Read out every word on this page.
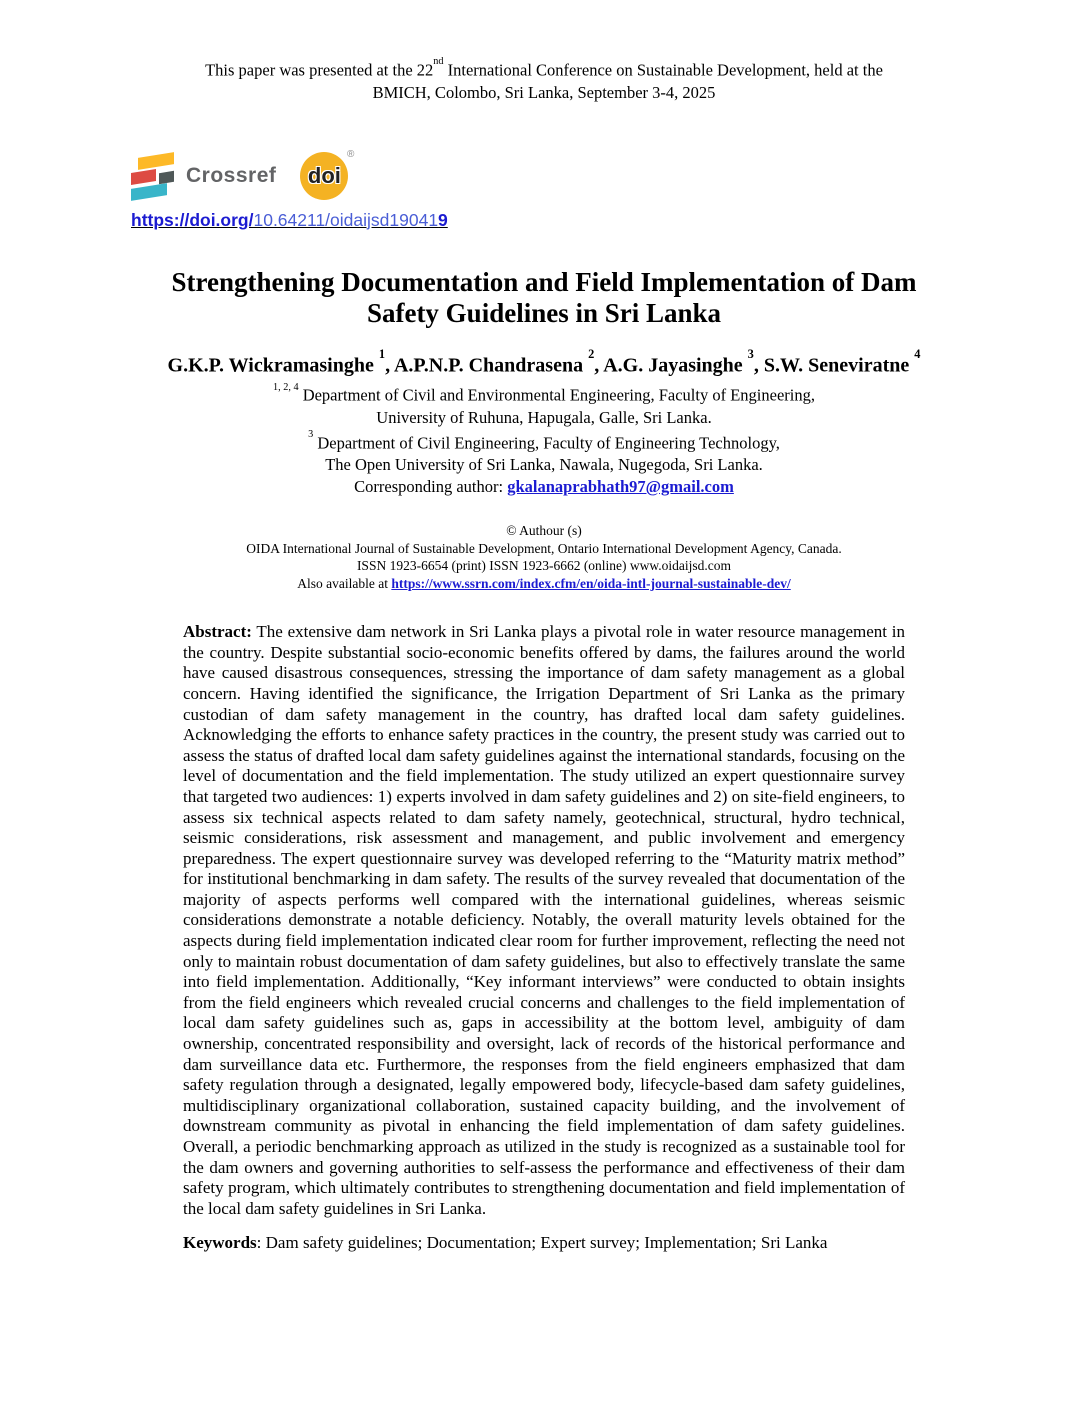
This paper was presented at the 22nd International Conference on Sustainable Development, held at the
BMICH, Colombo, Sri Lanka, September 3-4, 2025
Crossref	doi
®
https://doi.org/10.64211/oidaijsd190419
Strengthening Documentation and Field Implementation of Dam
Safety Guidelines in Sri Lanka
G.K.P. Wickramasinghe $^1$, A.P.N.P. Chandrasena $^2$, A.G. Jayasinghe $^3$, S.W. Seneviratne $^4$
$^{1, 2, 4}$ Department of Civil and Environmental Engineering, Faculty of Engineering,
University of Ruhuna, Hapugala, Galle, Sri Lanka.
$^3$ Department of Civil Engineering, Faculty of Engineering Technology,
The Open University of Sri Lanka, Nawala, Nugegoda, Sri Lanka.
Corresponding author: gkalanaprabhath97@gmail.com
© Authour (s)
OIDA International Journal of Sustainable Development, Ontario International Development Agency, Canada.
ISSN 1923-6654 (print) ISSN 1923-6662 (online) www.oidaijsd.com
Also available at https://www.ssrn.com/index.cfm/en/oida-intl-journal-sustainable-dev/

Abstract: The extensive dam network in Sri Lanka plays a pivotal role in water resource management in the country. Despite substantial socio-economic benefits offered by dams, the failures around the world have caused disastrous consequences, stressing the importance of dam safety management as a global concern. Having identified the significance, the Irrigation Department of Sri Lanka as the primary custodian of dam safety management in the country, has drafted local dam safety guidelines. Acknowledging the efforts to enhance safety practices in the country, the present study was carried out to assess the status of drafted local dam safety guidelines against the international standards, focusing on the level of documentation and the field implementation. The study utilized an expert questionnaire survey that targeted two audiences: 1) experts involved in dam safety guidelines and 2) on site-field engineers, to assess six technical aspects related to dam safety namely, geotechnical, structural, hydro technical, seismic considerations, risk assessment and management, and public involvement and emergency preparedness. The expert questionnaire survey was developed referring to the “Maturity matrix method” for institutional benchmarking in dam safety. The results of the survey revealed that documentation of the majority of aspects performs well compared with the international guidelines, whereas seismic considerations demonstrate a notable deficiency. Notably, the overall maturity levels obtained for the aspects during field implementation indicated clear room for further improvement, reflecting the need not only to maintain robust documentation of dam safety guidelines, but also to effectively translate the same into field implementation. Additionally, “Key informant interviews” were conducted to obtain insights from the field engineers which revealed crucial concerns and challenges to the field implementation of local dam safety guidelines such as, gaps in accessibility at the bottom level, ambiguity of dam ownership, concentrated responsibility and oversight, lack of records of the historical performance and dam surveillance data etc. Furthermore, the responses from the field engineers emphasized that dam safety regulation through a designated, legally empowered body, lifecycle-based dam safety guidelines, multidisciplinary organizational collaboration, sustained capacity building, and the involvement of downstream community as pivotal in enhancing the field implementation of dam safety guidelines. Overall, a periodic benchmarking approach as utilized in the study is recognized as a sustainable tool for the dam owners and governing authorities to self-assess the performance and effectiveness of their dam safety program, which ultimately contributes to strengthening documentation and field implementation of the local dam safety guidelines in Sri Lanka.

Keywords: Dam safety guidelines; Documentation; Expert survey; Implementation; Sri Lanka
